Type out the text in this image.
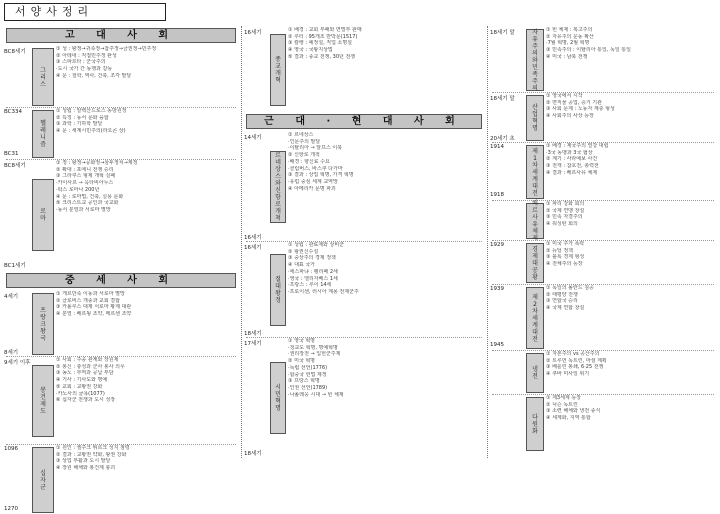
서양사정리
고 대 사 회
BC8세기
그리스
① 성 : 왕정→귀족정→참주정→금권정→민주정
② 아테네 : 직접민주정 완성
③ 스파르타 : 군국주의
·도시 국가 간 동맹과 갈등
④ 문 : 철학, 역사, 건축, 조각 발달
BC334
BC31
헬레니즘
① 성립 : 알렉산드로스 동방원정
② 특징 : 동서 문화 융합
③ 과학 : 기하학 발달
④ 문 : 세계시민주의(라오콘 상)
BC8세기
BC1세기
로마
① 정 : 왕정→공화정→삼두정치→제정
② 확대 : 포에니 전쟁 승리
③ 그라쿠스 형제 개혁 실패
·카이사르 → 옥타비아누스
·팍스 로마나 200년
④ 문 : 로마법, 건축, 실용 문화
⑤ 크리스트교 공인과 국교화
·동서 분열과 서로마 멸망
중 세 사 회
4세기
8세기
프랑크왕국
① 게르만족 이동과 서로마 멸망
② 클로비스 개종과 교회 결합
③ 카롤루스 대제 서로마 황제 대관
④ 분열 : 베르됭 조약, 메르센 조약
9세기 이후
봉건제도
① 사회 : 주종 관계와 장원제
② 봉신 : 충성과 군사 봉사 의무
③ 농노 : 부역과 공납 부담
④ 기사 : 기사도와 명예
⑤ 교회 : 교황권 강화
·카노사의 굴욕(1077)
⑥ 십자군 전쟁과 도시 성장
1096
1270
십자군
① 원인 : 셀주크 튀르크 성지 점령
② 결과 : 교황권 약화, 왕권 강화
③ 상업 부활과 도시 발달
④ 장원 해체와 봉건제 붕괴
16세기
종교개혁
① 배경 : 교회 부패와 면벌부 판매
② 루터 : 95개조 반박문(1517)
③ 칼뱅 : 예정설, 직업 소명설
④ 영국 : 국왕지상법
⑤ 결과 : 종교 전쟁, 30년 전쟁
근 대 · 현 대 사 회
14세기
16세기
르네상스와 신항로 개척
① 르네상스
·인문주의 발달
·이탈리아 → 알프스 이북
② 신항로 개척
·배경 : 향신료 수요
·콜럼버스, 바스쿠 다가마
③ 결과 : 상업 혁명, 가격 혁명
·유럽 중심 세계 교역망
④ 아메리카 문명 파괴
16세기
18세기
절대왕정
① 성립 : 관료제와 상비군
② 왕권신수설
③ 중상주의 경제 정책
④ 대표 국가
·에스파냐 : 펠리페 2세
·영국 : 엘리자베스 1세
·프랑스 : 루이 14세
·프로이센, 러시아 계몽 전제군주
17세기
18세기
시민혁명
① 영국 혁명
·청교도 혁명, 명예혁명
·권리장전 → 입헌군주제
② 미국 혁명
·독립 선언(1776)
·합중국 헌법 제정
③ 프랑스 혁명
·인권 선언(1789)
·나폴레옹 시대 → 빈 체제
18세기 말	자유주의와 민족주의
① 빈 체제 : 복고주의
② 자유주의 운동 확산
·7월 혁명, 2월 혁명
③ 민족주의 : 이탈리아 통일, 독일 통일
④ 미국 : 남북 전쟁
18세기 말
20세기 초
산업혁명
① 영국에서 시작
② 면직물 공업, 증기 기관
③ 사회 문제 : 노동자 계층 형성
④ 사회주의 사상 등장
1914
1918
제1차세계대전
① 배경 : 제국주의 열강 대립
·3국 동맹과 3국 협상
② 계기 : 사라예보 사건
③ 전개 : 참호전, 총력전
④ 결과 : 베르사유 체제
베르사유체제
① 파리 강화 회의
② 국제 연맹 창설
③ 민족 자결주의
④ 워싱턴 회의
1929
경제대공황
① 미국 주가 폭락
② 뉴딜 정책
③ 블록 경제 형성
④ 전체주의 등장
1939
1945
제2차세계대전
① 독일의 폴란드 침공
② 태평양 전쟁
③ 연합국 승리
④ 국제 연합 창설
냉전
① 자본주의 vs 공산주의
② 트루먼 독트린, 마셜 계획
③ 베를린 봉쇄, 6·25 전쟁
④ 쿠바 미사일 위기
다원화
① 제3세계 등장
② 닉슨 독트린
③ 소련 해체와 냉전 종식
④ 세계화, 지역 통합
